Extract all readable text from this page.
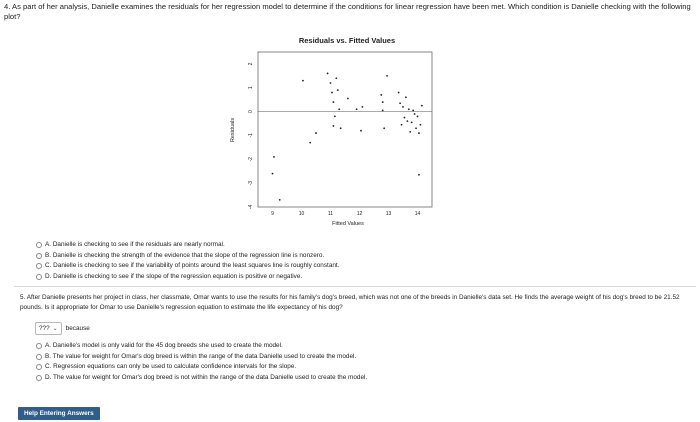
4. As part of her analysis, Danielle examines the residuals for her regression model to determine if the conditions for linear regression have been met. Which condition is Danielle checking with the following plot?
Residuals vs. Fitted Values
-4
-3
-2
-1
0
1
2
9	10	11	12	13	14
Residuals
Fitted Values
A. Danielle is checking to see if the residuals are nearly normal.
B. Danielle is checking the strength of the evidence that the slope of the regression line is nonzero.
C. Danielle is checking to see if the variability of points around the least squares line is roughly constant.
D. Danielle is checking to see if the slope of the regression equation is positive or negative.
5. After Danielle presents her project in class, her classmate, Omar wants to use the results for his family's dog's breed, which was not one of the breeds in Danielle's data set. He finds the average weight of his dog's breed to be 21.52 pounds. Is it appropriate for Omar to use Danielle's regression equation to estimate the life expectancy of his dog?
??? ⌄ because
A. Danielle's model is only valid for the 45 dog breeds she used to create the model.
B. The value for weight for Omar's dog breed is within the range of the data Danielle used to create the model.
C. Regression equations can only be used to calculate confidence intervals for the slope.
D. The value for weight for Omar's dog breed is not within the range of the data Danielle used to create the model.
Help Entering Answers
